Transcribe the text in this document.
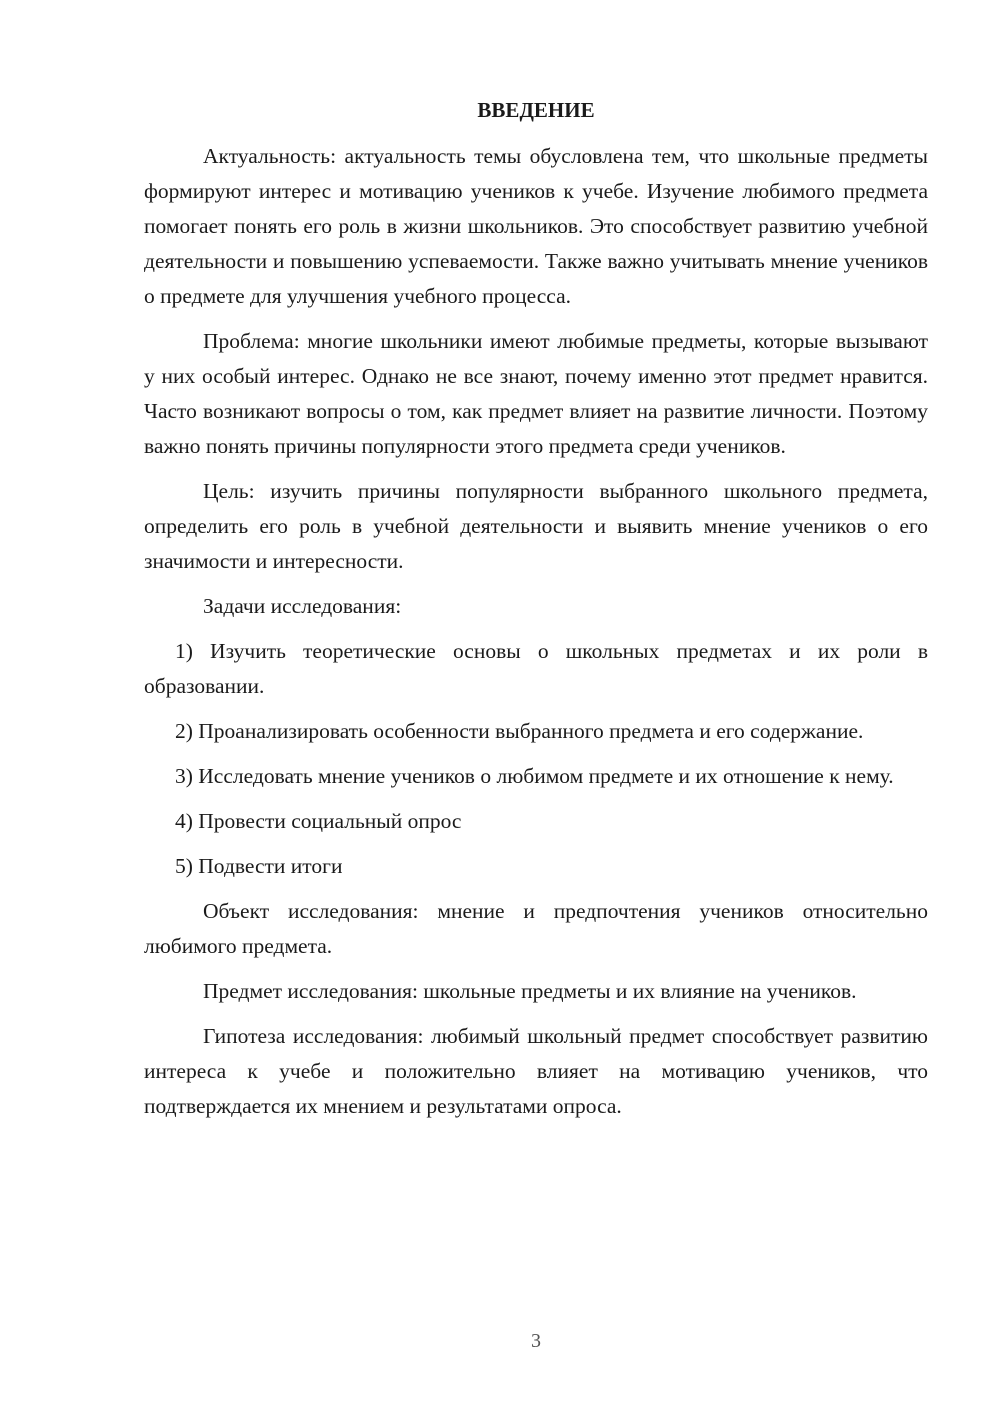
ВВЕДЕНИЕ

Актуальность: актуальность темы обусловлена тем, что школьные предметы формируют интерес и мотивацию учеников к учебе. Изучение любимого предмета помогает понять его роль в жизни школьников. Это способствует развитию учебной деятельности и повышению успеваемости. Также важно учитывать мнение учеников о предмете для улучшения учебного процесса.

Проблема: многие школьники имеют любимые предметы, которые вызывают у них особый интерес. Однако не все знают, почему именно этот предмет нравится. Часто возникают вопросы о том, как предмет влияет на развитие личности. Поэтому важно понять причины популярности этого предмета среди учеников.

Цель: изучить причины популярности выбранного школьного предмета, определить его роль в учебной деятельности и выявить мнение учеников о его значимости и интересности.

Задачи исследования:

1) Изучить теоретические основы о школьных предметах и их роли в образовании.

2) Проанализировать особенности выбранного предмета и его содержание.

3) Исследовать мнение учеников о любимом предмете и их отношение к нему.

4) Провести социальный опрос

5) Подвести итоги

Объект исследования: мнение и предпочтения учеников относительно любимого предмета.

Предмет исследования: школьные предметы и их влияние на учеников.

Гипотеза исследования: любимый школьный предмет способствует развитию интереса к учебе и положительно влияет на мотивацию учеников, что подтверждается их мнением и результатами опроса.

3
